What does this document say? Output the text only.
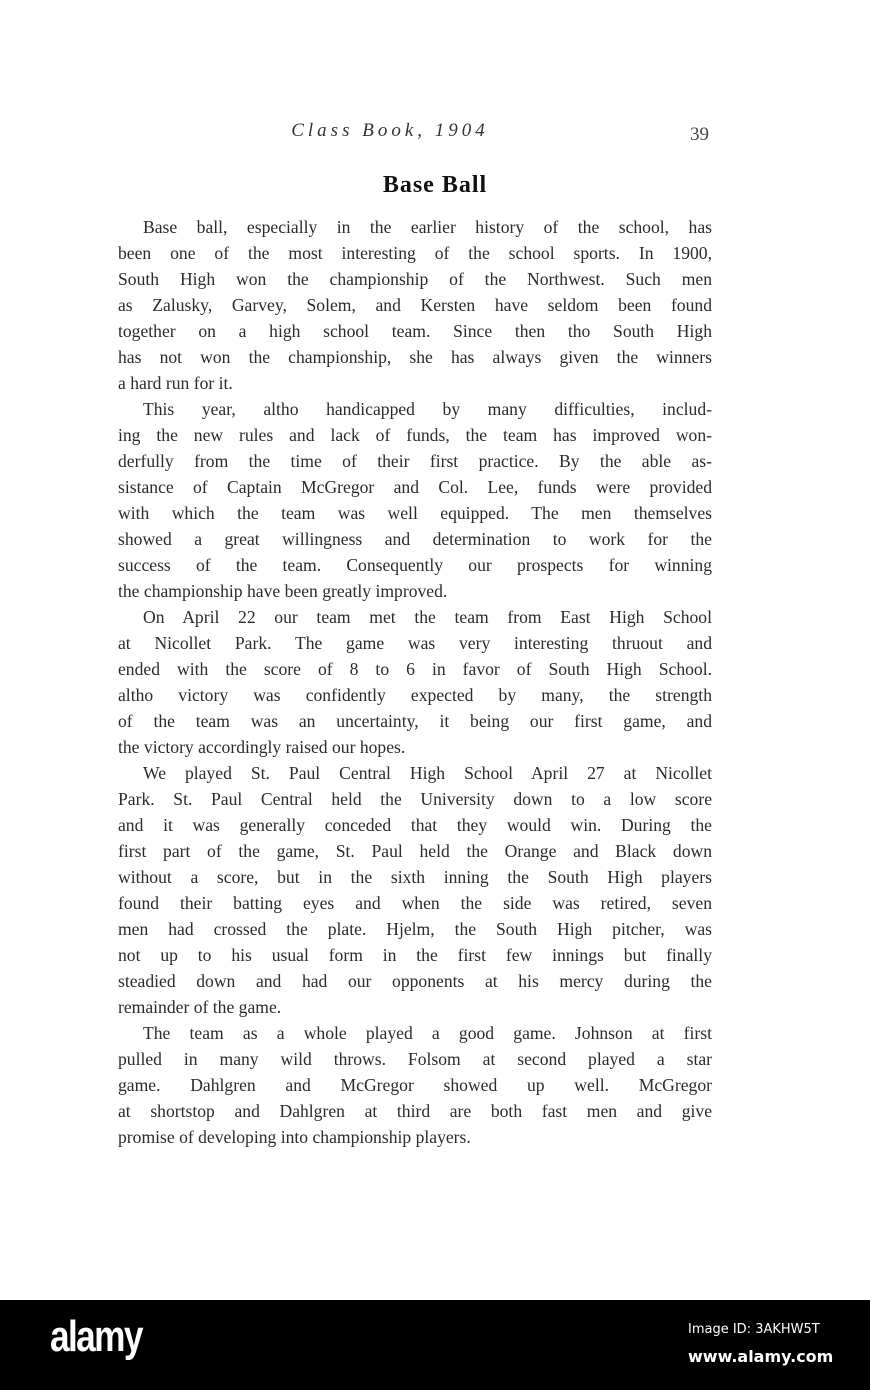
Class Book, 1904	39
Base Ball
Base ball, especially in the earlier history of the school, has
been one of the most interesting of the school sports. In 1900,
South High won the championship of the Northwest. Such men
as Zalusky, Garvey, Solem, and Kersten have seldom been found
together on a high school team. Since then tho South High
has not won the championship, she has always given the winners
a hard run for it.
This year, altho handicapped by many difficulties, includ-
ing the new rules and lack of funds, the team has improved won-
derfully from the time of their first practice. By the able as-
sistance of Captain McGregor and Col. Lee, funds were provided
with which the team was well equipped. The men themselves
showed a great willingness and determination to work for the
success of the team. Consequently our prospects for winning
the championship have been greatly improved.
On April 22 our team met the team from East High School
at Nicollet Park. The game was very interesting thruout and
ended with the score of 8 to 6 in favor of South High School.
altho victory was confidently expected by many, the strength
of the team was an uncertainty, it being our first game, and
the victory accordingly raised our hopes.
We played St. Paul Central High School April 27 at Nicollet
Park. St. Paul Central held the University down to a low score
and it was generally conceded that they would win. During the
first part of the game, St. Paul held the Orange and Black down
without a score, but in the sixth inning the South High players
found their batting eyes and when the side was retired, seven
men had crossed the plate. Hjelm, the South High pitcher, was
not up to his usual form in the first few innings but finally
steadied down and had our opponents at his mercy during the
remainder of the game.
The team as a whole played a good game. Johnson at first
pulled in many wild throws. Folsom at second played a star
game. Dahlgren and McGregor showed up well. McGregor
at shortstop and Dahlgren at third are both fast men and give
promise of developing into championship players.
alamy	Image ID: 3AKHW5T
www.alamy.com
